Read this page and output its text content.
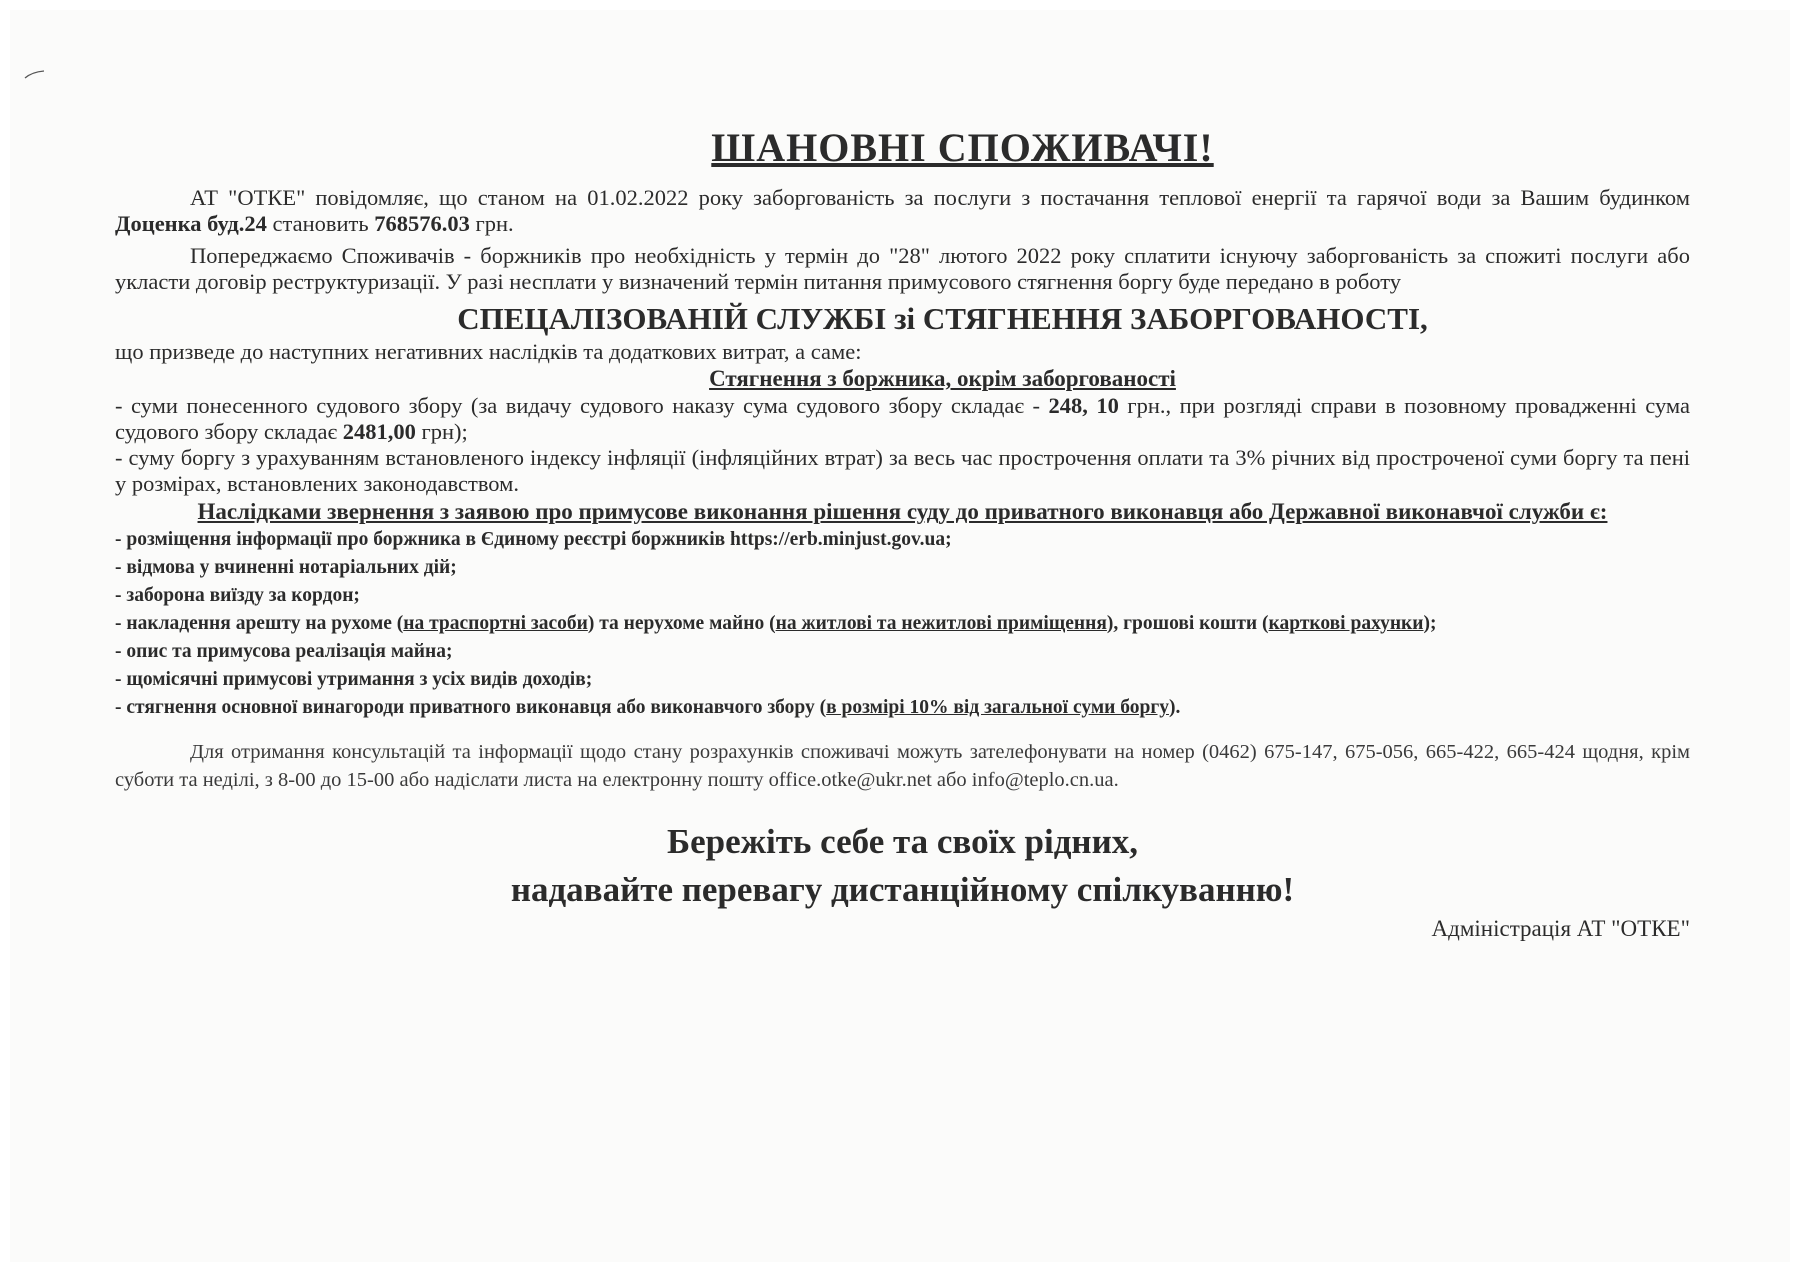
ШАНОВНІ СПОЖИВАЧІ!

АТ "ОТКЕ" повідомляє, що станом на 01.02.2022 року заборгованість за послуги з постачання теплової енергії та гарячої води за Вашим будинком Доценка буд.24 становить 768576.03 грн.

Попереджаємо Споживачів - боржників про необхідність у термін до "28" лютого 2022 року сплатити існуючу заборгованість за спожиті послуги або укласти договір реструктуризації. У разі несплати у визначений термін питання примусового стягнення боргу буде передано в роботу

СПЕЦАЛІЗОВАНІЙ СЛУЖБІ зі СТЯГНЕННЯ ЗАБОРГОВАНОСТІ,

що призведе до наступних негативних наслідків та додаткових витрат, а саме:

Стягнення з боржника, окрім заборгованості

- суми понесенного судового збору (за видачу судового наказу сума судового збору складає - 248, 10 грн., при розгляді справи в позовному провадженні сума судового збору складає 2481,00 грн);

- суму боргу з урахуванням встановленого індексу інфляції (інфляційних втрат) за весь час прострочення оплати та 3% річних від простроченої суми боргу та пені у розмірах, встановлених законодавством.

Наслідками звернення з заявою про примусове виконання рішення суду до приватного виконавця або Державної виконавчої служби є:
- розміщення інформації про боржника в Єдиному реєстрі боржників https://erb.minjust.gov.ua;
- відмова у вчиненні нотаріальних дій;
- заборона виїзду за кордон;
- накладення арешту на рухоме (на траспортні засоби) та нерухоме майно (на житлові та нежитлові приміщення), грошові кошти (карткові рахунки);
- опис та примусова реалізація майна;
- щомісячні примусові утримання з усіх видів доходів;
- стягнення основної винагороди приватного виконавця або виконавчого збору (в розмірі 10% від загальної суми боргу).

Для отримання консультацій та інформації щодо стану розрахунків споживачі можуть зателефонувати на номер (0462) 675-147, 675-056, 665-422, 665-424 щодня, крім суботи та неділі, з 8-00 до 15-00 або надіслати листа на електронну пошту office.otke@ukr.net або info@teplo.cn.ua.

Бережіть себе та своїх рідних,
надавайте перевагу дистанційному спілкуванню!
Адміністрація АТ "ОТКЕ"
